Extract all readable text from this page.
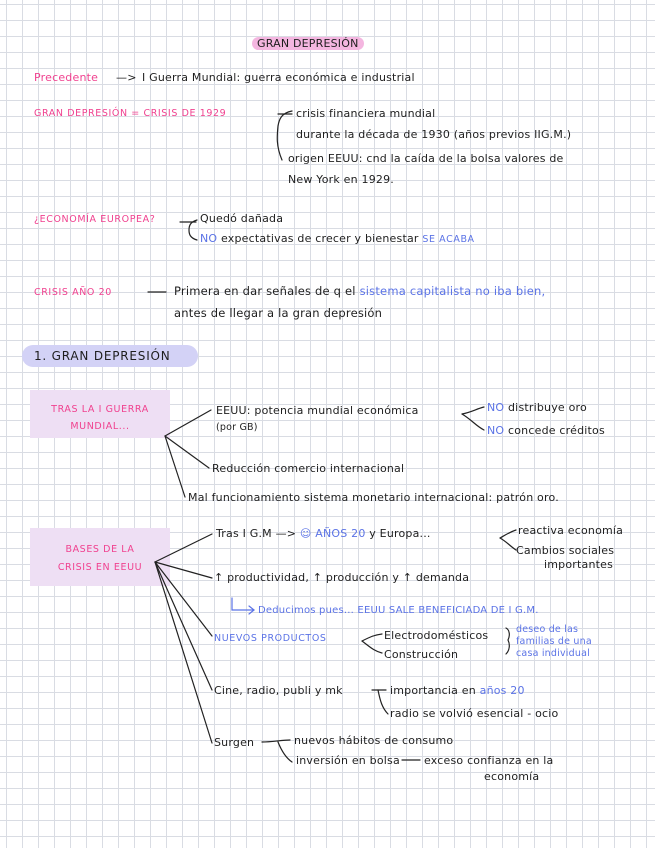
GRAN DEPRESIÓN
Precedente —> I Guerra Mundial: guerra económica e industrial
GRAN DEPRESIÓN = CRISIS DE 1929	crisis financiera mundial
durante la década de 1930 (años previos IIG.M.)
origen EEUU: cnd la caída de la bolsa valores de
New York en 1929.
¿ECONOMÍA EUROPEA?	Quedó dañada
NO expectativas de crecer y bienestar SE ACABA
CRISIS AÑO 20	Primera en dar señales de q el sistema capitalista no iba bien,
antes de llegar a la gran depresión
1. GRAN DEPRESIÓN
TRAS LA I GUERRA
MUNDIAL...
EEUU: potencia mundial económica
(por GB)
NO distribuye oro
NO concede créditos
Reducción comercio internacional
Mal funcionamiento sistema monetario internacional: patrón oro.
BASES DE LA
CRISIS EN EEUU
Tras I G.M —> ☺ AÑOS 20 y Europa...	reactiva economía
Cambios sociales
importantes
↑ productividad, ↑ producción y ↑ demanda
Deducimos pues... EEUU SALE BENEFICIADA DE I G.M.
NUEVOS PRODUCTOS	Electrodomésticos
Construcción
deseo de las
familias de una
casa individual
Cine, radio, publi y mk	importancia en años 20
radio se volvió esencial - ocio
Surgen	nuevos hábitos de consumo
inversión en bolsa exceso confianza en la
economía
